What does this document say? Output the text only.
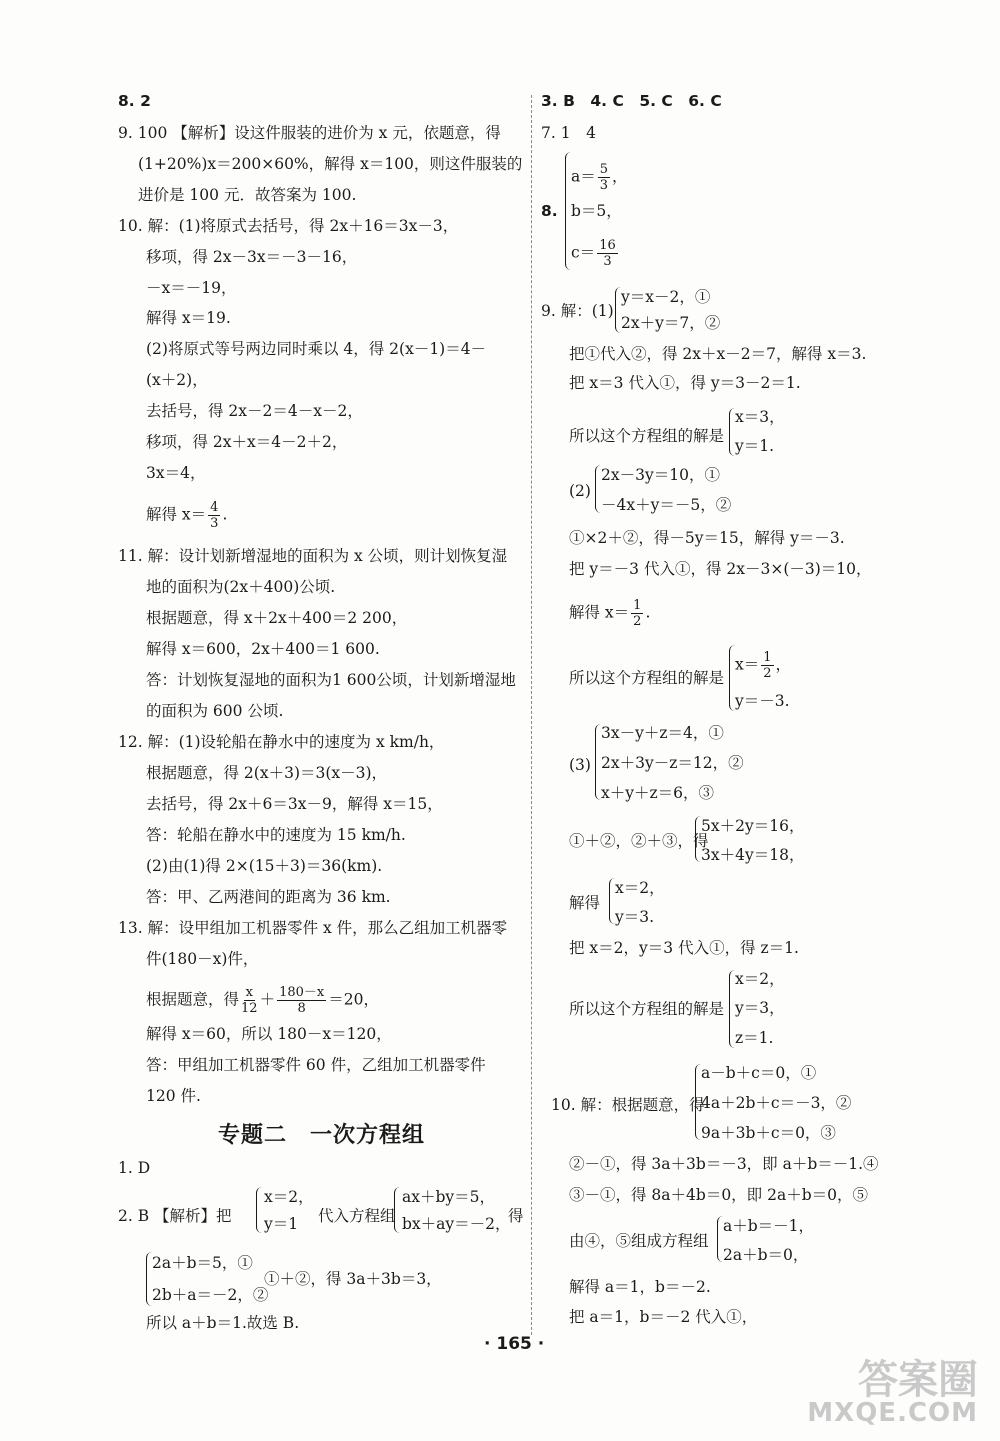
8. 2
9. 100 【解析】设这件服装的进价为 x 元，依题意，得
(1+20%)x＝200×60%，解得 x＝100，则这件服装的
进价是 100 元．故答案为 100.
10. 解：(1)将原式去括号，得 2x＋16＝3x－3，
移项，得 2x－3x＝－3－16，
－x＝－19，
解得 x＝19.
(2)将原式等号两边同时乘以 4，得 2(x－1)＝4－
(x＋2)，
去括号，得 2x－2＝4－x－2，
移项，得 2x＋x＝4－2＋2，
3x＝4，
解得 $x= \frac{4}{3}$ .
11. 解：设计划新增湿地的面积为 x 公顷，则计划恢复湿
地的面积为(2x＋400)公顷.
根据题意，得 x＋2x＋400＝2 200，
解得 x＝600，2x＋400＝1 600.
答：计划恢复湿地的面积为1 600公顷，计划新增湿地
的面积为 600 公顷.
12. 解：(1)设轮船在静水中的速度为 x km/h，
根据题意，得 2(x＋3)＝3(x－3)，
去括号，得 2x＋6＝3x－9，解得 x＝15，
答：轮船在静水中的速度为 15 km/h.
(2)由(1)得 2×(15＋3)＝36(km).
答：甲、乙两港间的距离为 36 km.
13. 解：设甲组加工机器零件 x 件，那么乙组加工机器零
件(180－x)件，
根据题意，得 $\frac{x}{12} + \frac{180-x}{8} =20$，
解得 x＝60，所以 180－x＝120，
答：甲组加工机器零件 60 件，乙组加工机器零件
120 件.
1. D
2. B 【解析】把
x＝2，
y＝1 代入方程组
ax＋by＝5，
bx＋ay＝－2，
得
2a＋b＝5，①
2b＋a＝－2，②
①＋②，得 3a＋3b＝3，
所以 a＋b＝1.故选 B.
专题二　一次方程组
3. B　4. C　5. C　6. C
7. 1　4
8.
$a= \frac{5}{3}$ ，
b＝5，
$c= \frac{16}{3}$
9. 解：(1)
y＝x－2，①
2x＋y＝7，②
把①代入②，得 2x＋x－2＝7，解得 x＝3.
把 x＝3 代入①，得 y＝3－2＝1.
所以这个方程组的解是
x＝3，
y＝1.
(2)
2x－3y＝10，①
－4x＋y＝－5，②
①×2＋②，得－5y＝15，解得 y＝－3.
把 y＝－3 代入①，得 2x－3×(－3)＝10，
解得 $x= \frac{1}{2}$ .
所以这个方程组的解是
$x= \frac{1}{2}$ ，
y＝－3.
(3)
3x－y＋z＝4，①
2x＋3y－z＝12，②
x＋y＋z＝6，③
①＋②，②＋③，得
5x＋2y＝16，
3x＋4y＝18，
解得
x＝2，
y＝3.
把 x＝2，y＝3 代入①，得 z＝1.
所以这个方程组的解是
x＝2，
y＝3，
z＝1.
10. 解：根据题意，得
a－b＋c＝0，①
4a＋2b＋c＝－3，②
9a＋3b＋c＝0，③
②－①，得 3a＋3b＝－3，即 a＋b＝－1.④
③－①，得 8a＋4b＝0，即 2a＋b＝0，⑤
由④，⑤组成方程组
a＋b＝－1，
2a＋b＝0，
解得 a＝1，b＝－2.
把 a＝1，b＝－2 代入①，
· 165 ·
答案圈
MXQE.COM
